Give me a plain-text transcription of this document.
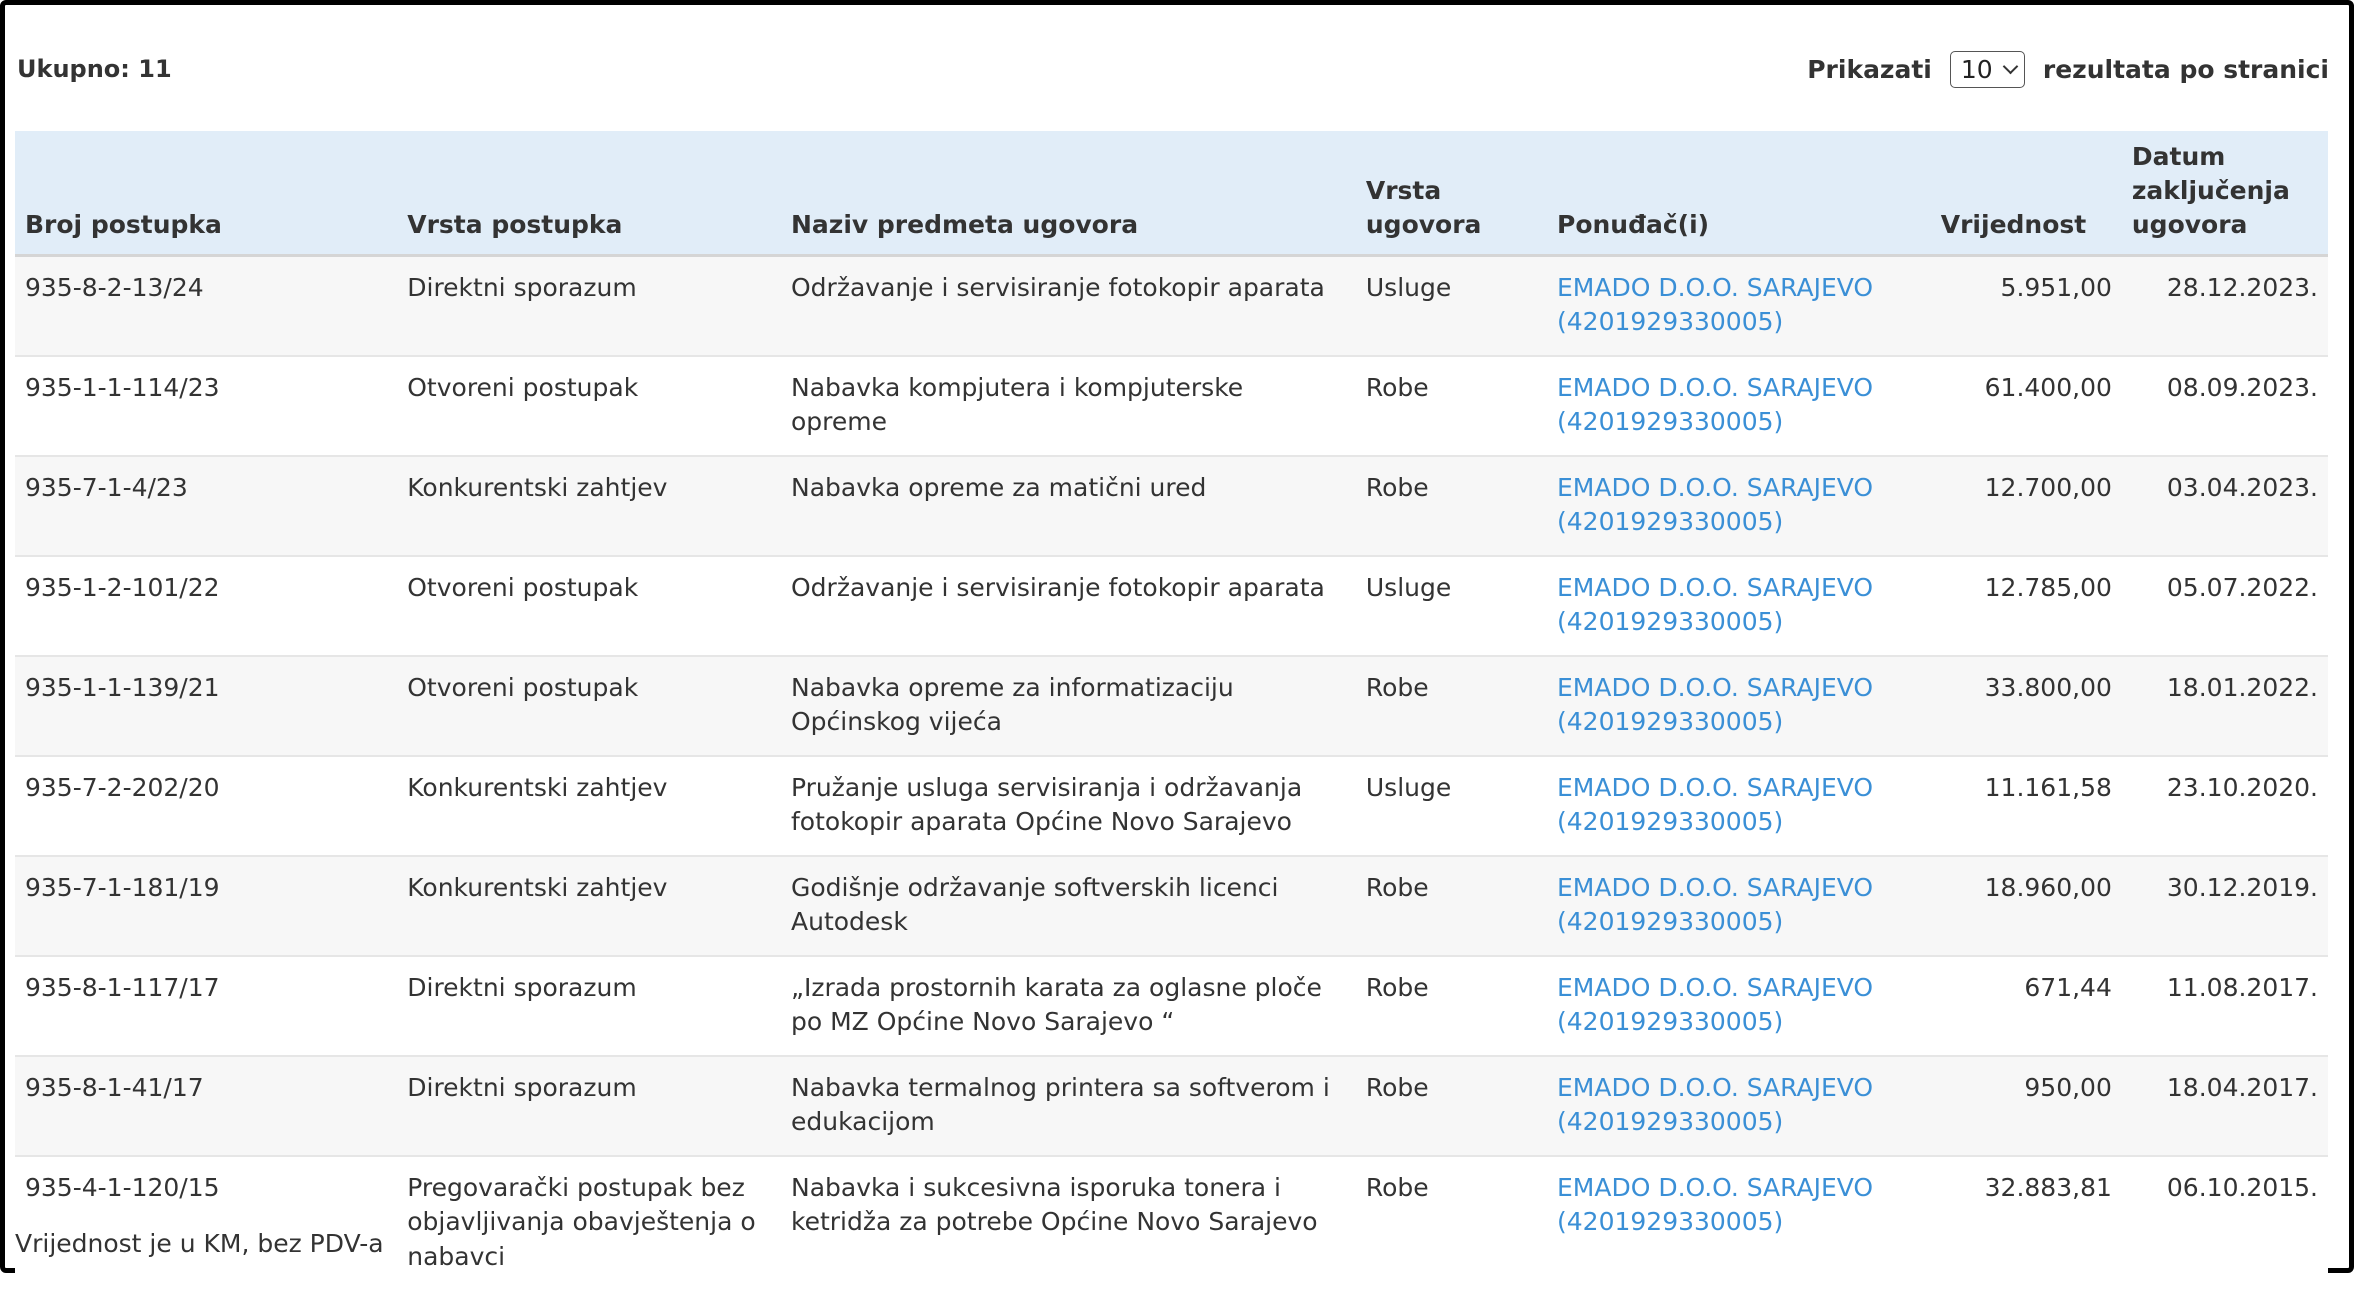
Ukupno: 11	Prikazati 10 rezultata po stranici
Broj postupka	Vrsta postupka	Naziv predmeta ugovora	Vrsta
ugovora	Ponuđač(i)	Vrijednost	Datum
zaključenja
ugovora
935-8-2-13/24	Direktni sporazum	Održavanje i servisiranje fotokopir aparata	Usluge	EMADO D.O.O. SARAJEVO
(4201929330005)	5.951,00	28.12.2023.
935-1-1-114/23	Otvoreni postupak	Nabavka kompjutera i kompjuterske opreme	Robe	EMADO D.O.O. SARAJEVO
(4201929330005)	61.400,00	08.09.2023.
935-7-1-4/23	Konkurentski zahtjev	Nabavka opreme za matični ured	Robe	EMADO D.O.O. SARAJEVO
(4201929330005)	12.700,00	03.04.2023.
935-1-2-101/22	Otvoreni postupak	Održavanje i servisiranje fotokopir aparata	Usluge	EMADO D.O.O. SARAJEVO
(4201929330005)	12.785,00	05.07.2022.
935-1-1-139/21	Otvoreni postupak	Nabavka opreme za informatizaciju Općinskog vijeća	Robe	EMADO D.O.O. SARAJEVO
(4201929330005)	33.800,00	18.01.2022.
935-7-2-202/20	Konkurentski zahtjev	Pružanje usluga servisiranja i održavanja fotokopir aparata Općine Novo Sarajevo	Usluge	EMADO D.O.O. SARAJEVO
(4201929330005)	11.161,58	23.10.2020.
935-7-1-181/19	Konkurentski zahtjev	Godišnje održavanje softverskih licenci Autodesk	Robe	EMADO D.O.O. SARAJEVO
(4201929330005)	18.960,00	30.12.2019.
935-8-1-117/17	Direktni sporazum	„Izrada prostornih karata za oglasne ploče po MZ Općine Novo Sarajevo “	Robe	EMADO D.O.O. SARAJEVO
(4201929330005)	671,44	11.08.2017.
935-8-1-41/17	Direktni sporazum	Nabavka termalnog printera sa softverom i edukacijom	Robe	EMADO D.O.O. SARAJEVO
(4201929330005)	950,00	18.04.2017.
935-4-1-120/15	Pregovarački postupak bez objavljivanja obavještenja o nabavci	Nabavka i sukcesivna isporuka tonera i ketridža za potrebe Općine Novo Sarajevo	Robe	EMADO D.O.O. SARAJEVO
(4201929330005)	32.883,81	06.10.2015.
Vrijednost je u KM, bez PDV-a
